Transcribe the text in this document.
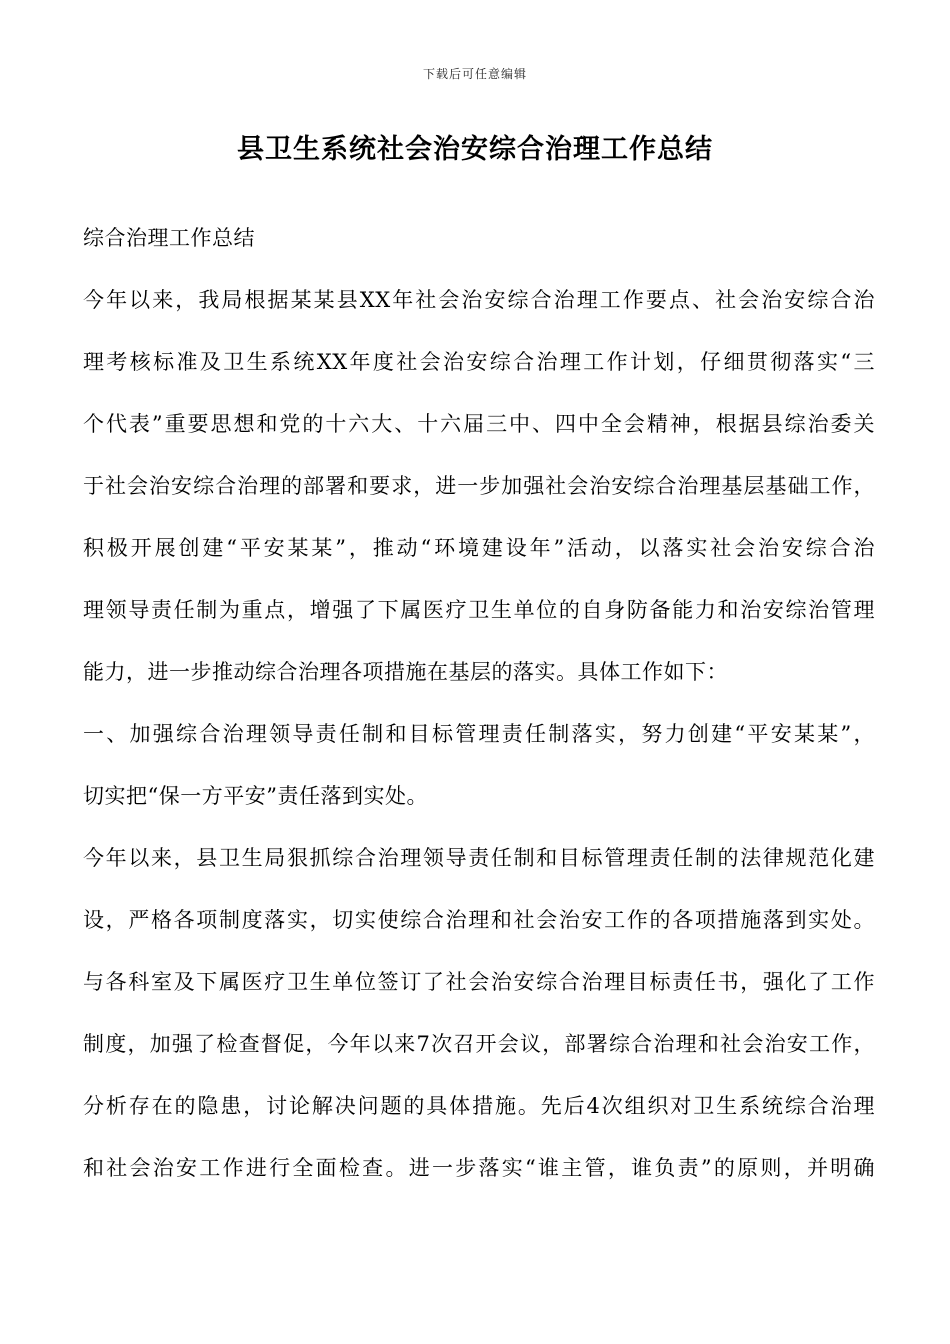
下载后可任意编辑
县卫生系统社会治安综合治理工作总结
综合治理工作总结
今年以来，我局根据某某县XX年社会治安综合治理工作要点、社会治安综合治
理考核标准及卫生系统XX年度社会治安综合治理工作计划，仔细贯彻落实“三
个代表”重要思想和党的十六大、十六届三中、四中全会精神，根据县综治委关
于社会治安综合治理的部署和要求，进一步加强社会治安综合治理基层基础工作，
积极开展创建“平安某某”，推动“环境建设年”活动，以落实社会治安综合治
理领导责任制为重点，增强了下属医疗卫生单位的自身防备能力和治安综治管理
能力，进一步推动综合治理各项措施在基层的落实。具体工作如下：
一、加强综合治理领导责任制和目标管理责任制落实，努力创建“平安某某”，
切实把“保一方平安”责任落到实处。
今年以来，县卫生局狠抓综合治理领导责任制和目标管理责任制的法律规范化建
设，严格各项制度落实，切实使综合治理和社会治安工作的各项措施落到实处。
与各科室及下属医疗卫生单位签订了社会治安综合治理目标责任书，强化了工作
制度，加强了检查督促，今年以来7次召开会议，部署综合治理和社会治安工作，
分析存在的隐患，讨论解决问题的具体措施。先后4次组织对卫生系统综合治理
和社会治安工作进行全面检查。进一步落实“谁主管，谁负责”的原则，并明确
